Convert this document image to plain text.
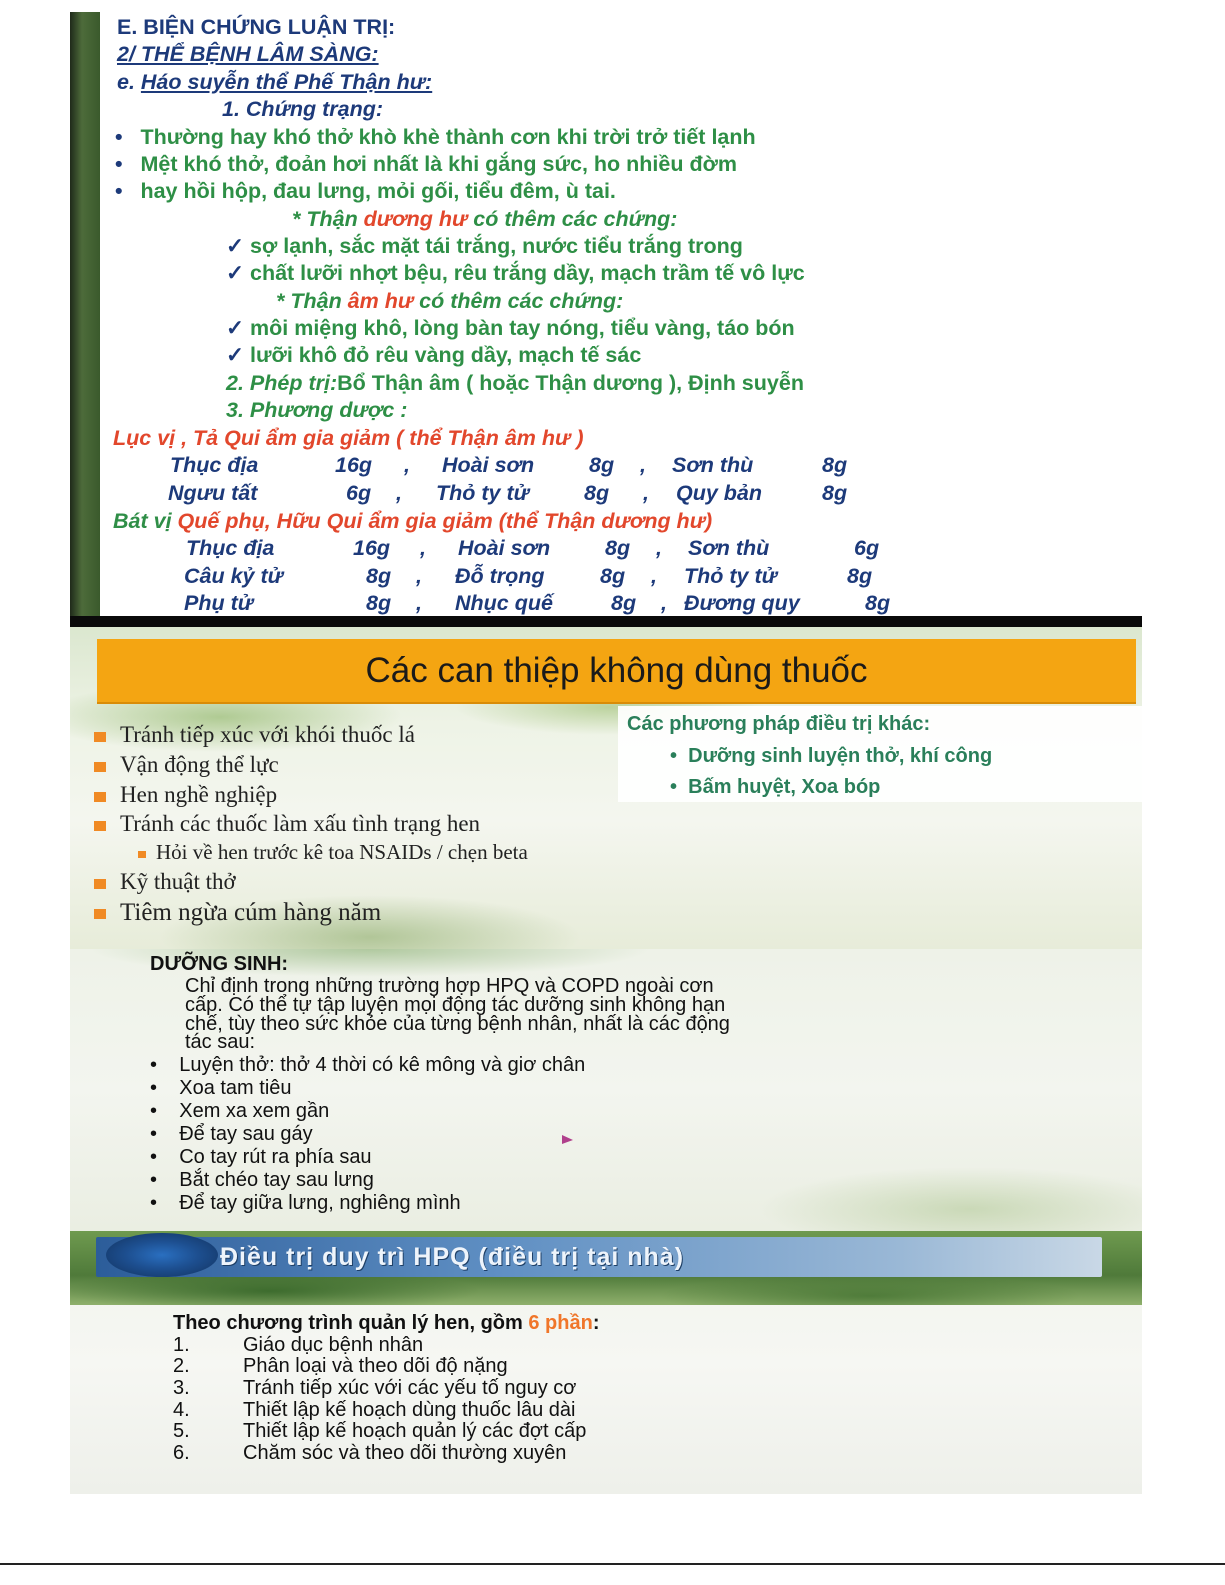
E. BIỆN CHỨNG LUẬN TRỊ:
2/ THỂ BỆNH LÂM SÀNG:
e. Háo suyễn thể Phế Thận hư:
1. Chứng trạng:
• Thường hay khó thở khò khè thành cơn khi trời trở tiết lạnh
• Mệt khó thở, đoản hơi nhất là khi gắng sức, ho nhiều đờm
• hay hồi hộp, đau lưng, mỏi gối, tiểu đêm, ù tai.
* Thận dương hư có thêm các chứng:
✓ sợ lạnh, sắc mặt tái trắng, nước tiểu trắng trong
✓ chất lưỡi nhợt bệu, rêu trắng dầy, mạch trầm tế vô lực
* Thận âm hư có thêm các chứng:
✓ môi miệng khô, lòng bàn tay nóng, tiểu vàng, táo bón
✓ lưỡi khô đỏ rêu vàng dầy, mạch tế sác
2. Phép trị:Bổ Thận âm ( hoặc Thận dương ), Định suyễn
3. Phương dược :
Lục vị , Tả Qui ẩm gia giảm ( thể Thận âm hư )
Thục địa	16g , Hoài sơn	8g , Sơn thù	8g
Ngưu tất	6g , Thỏ ty tử	8g , Quy bản	8g
Bát vị Quế phụ, Hữu Qui ẩm gia giảm (thể Thận dương hư)
Thục địa	16g , Hoài sơn	8g , Sơn thù	6g
Câu kỷ tử	8g , Đỗ trọng	8g , Thỏ ty tử	8g
Phụ tử	8g , Nhục quế	8g , Đương quy	8g
Các can thiệp không dùng thuốc
Các phương pháp điều trị khác:
•  Dưỡng sinh luyện thở, khí công
•  Bấm huyệt, Xoa bóp
Tránh tiếp xúc với khói thuốc lá
Vận động thể lực
Hen nghề nghiệp
Tránh các thuốc làm xấu tình trạng hen
Hỏi về hen trước kê toa NSAIDs / chẹn beta
Kỹ thuật thở
Tiêm ngừa cúm hàng năm
DƯỠNG SINH:
Chỉ định trong những trường hợp HPQ và COPD ngoài cơn
cấp. Có thể tự tập luyện mọi động tác dưỡng sinh không hạn
chế, tùy theo sức khỏe của từng bệnh nhân, nhất là các động
tác sau:
•    Luyện thở: thở 4 thời có kê mông và giơ chân
•    Xoa tam tiêu
•    Xem xa xem gần
•    Để tay sau gáy
•    Co tay rút ra phía sau
•    Bắt chéo tay sau lưng
•    Để tay giữa lưng, nghiêng mình
Điều trị duy trì HPQ (điều trị tại nhà)
Theo chương trình quản lý hen, gồm 6 phần:
1.	Giáo dục bệnh nhân
2.	Phân loại và theo dõi độ nặng
3.	Tránh tiếp xúc với các yếu tố nguy cơ
4.	Thiết lập kế hoạch dùng thuốc lâu dài
5.	Thiết lập kế hoạch quản lý các đợt cấp
6.	Chăm sóc và theo dõi thường xuyên
